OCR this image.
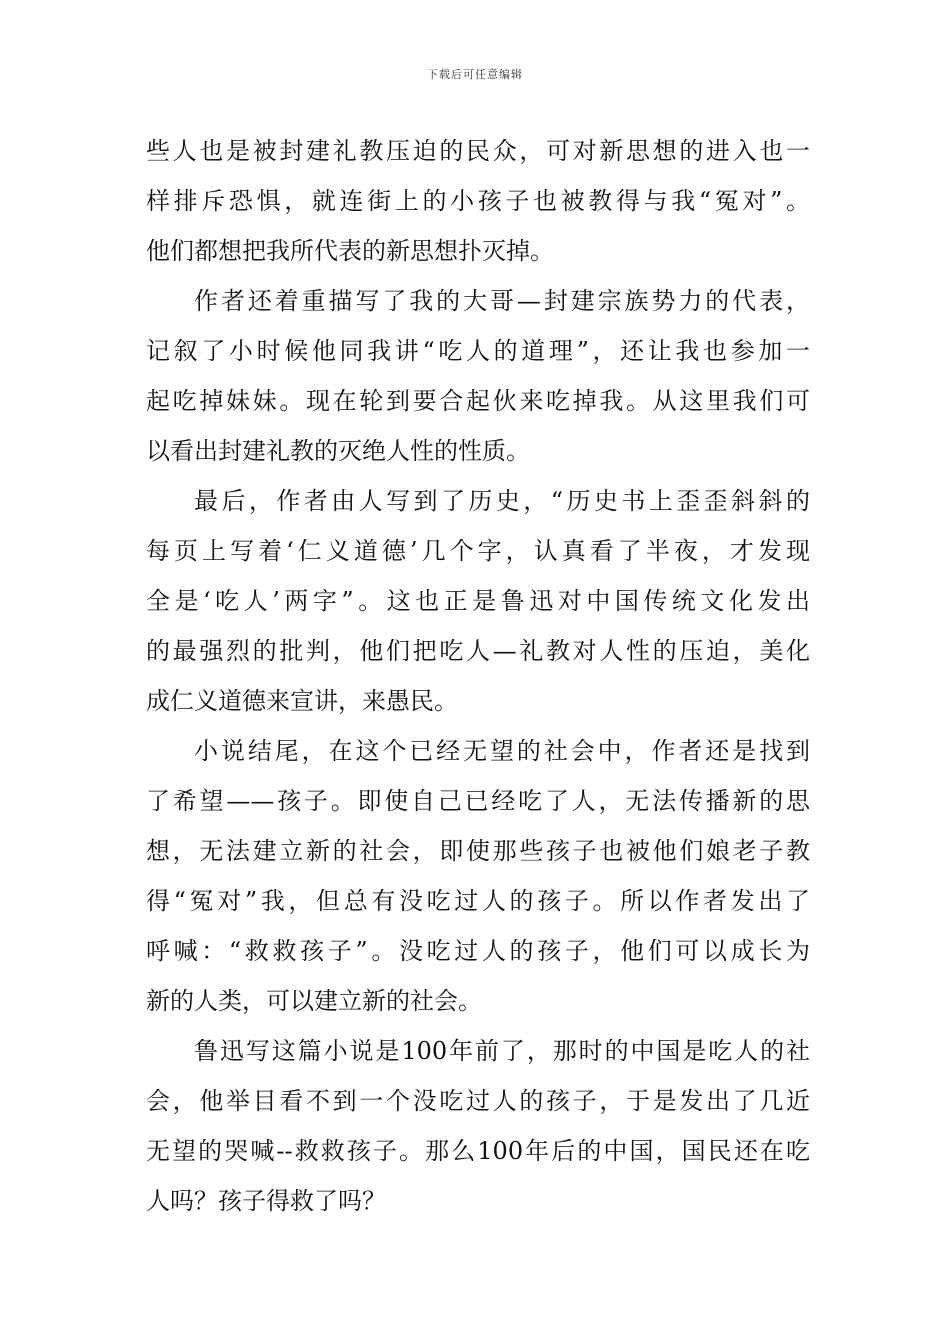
下载后可任意编辑
些人也是被封建礼教压迫的民众，可对新思想的进入也一
样排斥恐惧，就连街上的小孩子也被教得与我“冤对”。
他们都想把我所代表的新思想扑灭掉。
作者还着重描写了我的大哥—封建宗族势力的代表，
记叙了小时候他同我讲“吃人的道理”，还让我也参加一
起吃掉妹妹。现在轮到要合起伙来吃掉我。从这里我们可
以看出封建礼教的灭绝人性的性质。
最后，作者由人写到了历史，“历史书上歪歪斜斜的
每页上写着‘仁义道德’几个字，认真看了半夜，才发现
全是‘吃人’两字”。这也正是鲁迅对中国传统文化发出
的最强烈的批判，他们把吃人—礼教对人性的压迫，美化
成仁义道德来宣讲，来愚民。
小说结尾，在这个已经无望的社会中，作者还是找到
了希望——孩子。即使自己已经吃了人，无法传播新的思
想，无法建立新的社会，即使那些孩子也被他们娘老子教
得“冤对”我，但总有没吃过人的孩子。所以作者发出了
呼喊：“救救孩子”。没吃过人的孩子，他们可以成长为
新的人类，可以建立新的社会。
鲁迅写这篇小说是100年前了，那时的中国是吃人的社
会，他举目看不到一个没吃过人的孩子，于是发出了几近
无望的哭喊--救救孩子。那么100年后的中国，国民还在吃
人吗？孩子得救了吗？
